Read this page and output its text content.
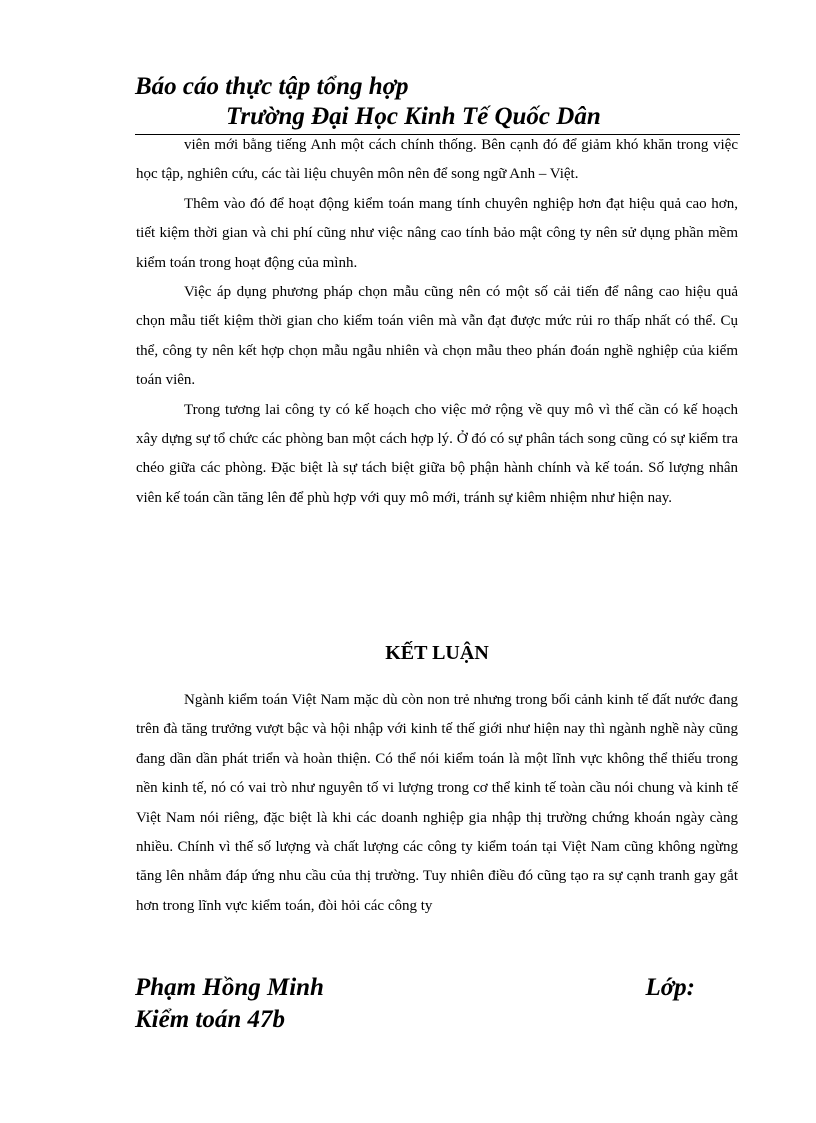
Báo cáo thực tập tổng hợp
Trường Đại Học Kinh Tế Quốc Dân

viên mới bằng tiếng Anh một cách chính thống. Bên cạnh đó để giảm khó khăn trong việc học tập, nghiên cứu, các tài liệu chuyên môn nên để song ngữ Anh – Việt.

Thêm vào đó để hoạt động kiểm toán mang tính chuyên nghiệp hơn đạt hiệu quả cao hơn, tiết kiệm thời gian và chi phí cũng như việc nâng cao tính bảo mật công ty nên sử dụng phần mềm kiểm toán trong hoạt động của mình.

Việc áp dụng phương pháp chọn mẫu cũng nên có một số cải tiến để nâng cao hiệu quả chọn mẫu tiết kiệm thời gian cho kiểm toán viên mà vẫn đạt được mức rủi ro thấp nhất có thể. Cụ thể, công ty nên kết hợp chọn mẫu ngẫu nhiên và chọn mẫu theo phán đoán nghề nghiệp của kiểm toán viên.

Trong tương lai công ty có kế hoạch cho việc mở rộng về quy mô vì thế cần có kế hoạch xây dựng sự tổ chức các phòng ban một cách hợp lý. Ở đó có sự phân tách song cũng có sự kiểm tra chéo giữa các phòng. Đặc biệt là sự tách biệt giữa bộ phận hành chính và kế toán. Số lượng nhân viên kế toán cần tăng lên để phù hợp với quy mô mới, tránh sự kiêm nhiệm như hiện nay.

KẾT LUẬN

Ngành kiểm toán Việt Nam mặc dù còn non trẻ nhưng trong bối cảnh kinh tế đất nước đang trên đà tăng trưởng vượt bậc và hội nhập với kinh tế thế giới như hiện nay thì ngành nghề này cũng đang dần dần phát triển và hoàn thiện. Có thể nói kiểm toán là một lĩnh vực không thể thiếu trong nền kinh tế, nó có vai trò như nguyên tố vi lượng trong cơ thể kinh tế toàn cầu nói chung và kinh tế Việt Nam nói riêng, đặc biệt là khi các doanh nghiệp gia nhập thị trường chứng khoán ngày càng nhiều. Chính vì thế số lượng và chất lượng các công ty kiểm toán tại Việt Nam cũng không ngừng tăng lên nhằm đáp ứng nhu cầu của thị trường. Tuy nhiên điều đó cũng tạo ra sự cạnh tranh gay gắt hơn trong lĩnh vực kiểm toán, đòi hỏi các công ty

Phạm Hồng Minh	Lớp:
Kiểm toán 47b
